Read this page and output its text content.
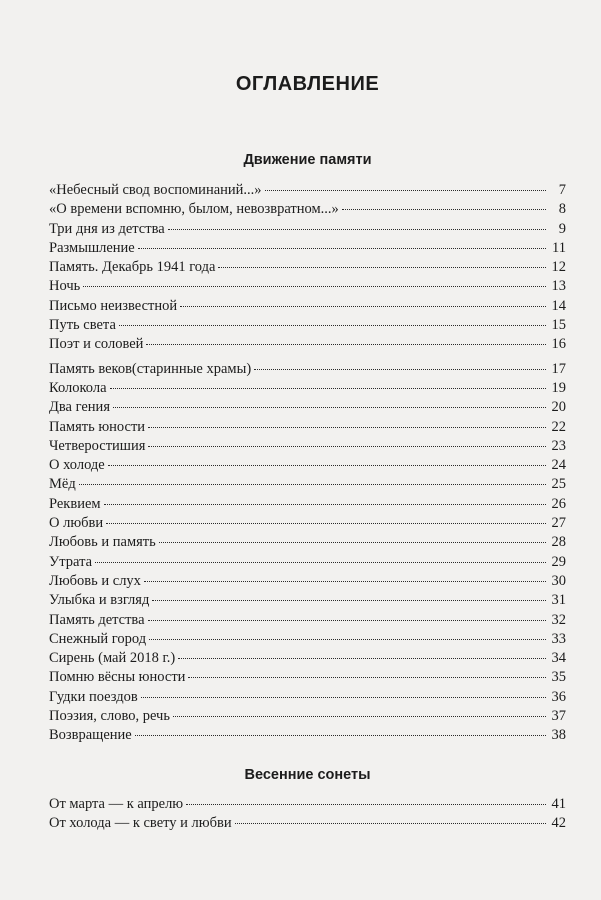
ОГЛАВЛЕНИЕ
Движение памяти
«Небесный свод воспоминаний...»	7
«О времени вспомню, былом, невозвратном...»	8
Три дня из детства	9
Размышление	11
Память. Декабрь 1941 года	12
Ночь	13
Письмо неизвестной	14
Путь света	15
Поэт и соловей	16
Память веков(старинные храмы)	17
Колокола	19
Два гения	20
Память юности	22
Четверостишия	23
О холоде	24
Мёд	25
Реквием	26
О любви	27
Любовь и память	28
Утрата	29
Любовь и слух	30
Улыбка и взгляд	31
Память детства	32
Снежный город	33
Сирень (май 2018 г.)	34
Помню вёсны юности	35
Гудки поездов	36
Поэзия, слово, речь	37
Возвращение	38
Весенние сонеты
От марта — к апрелю	41
От холода — к свету и любви	42
